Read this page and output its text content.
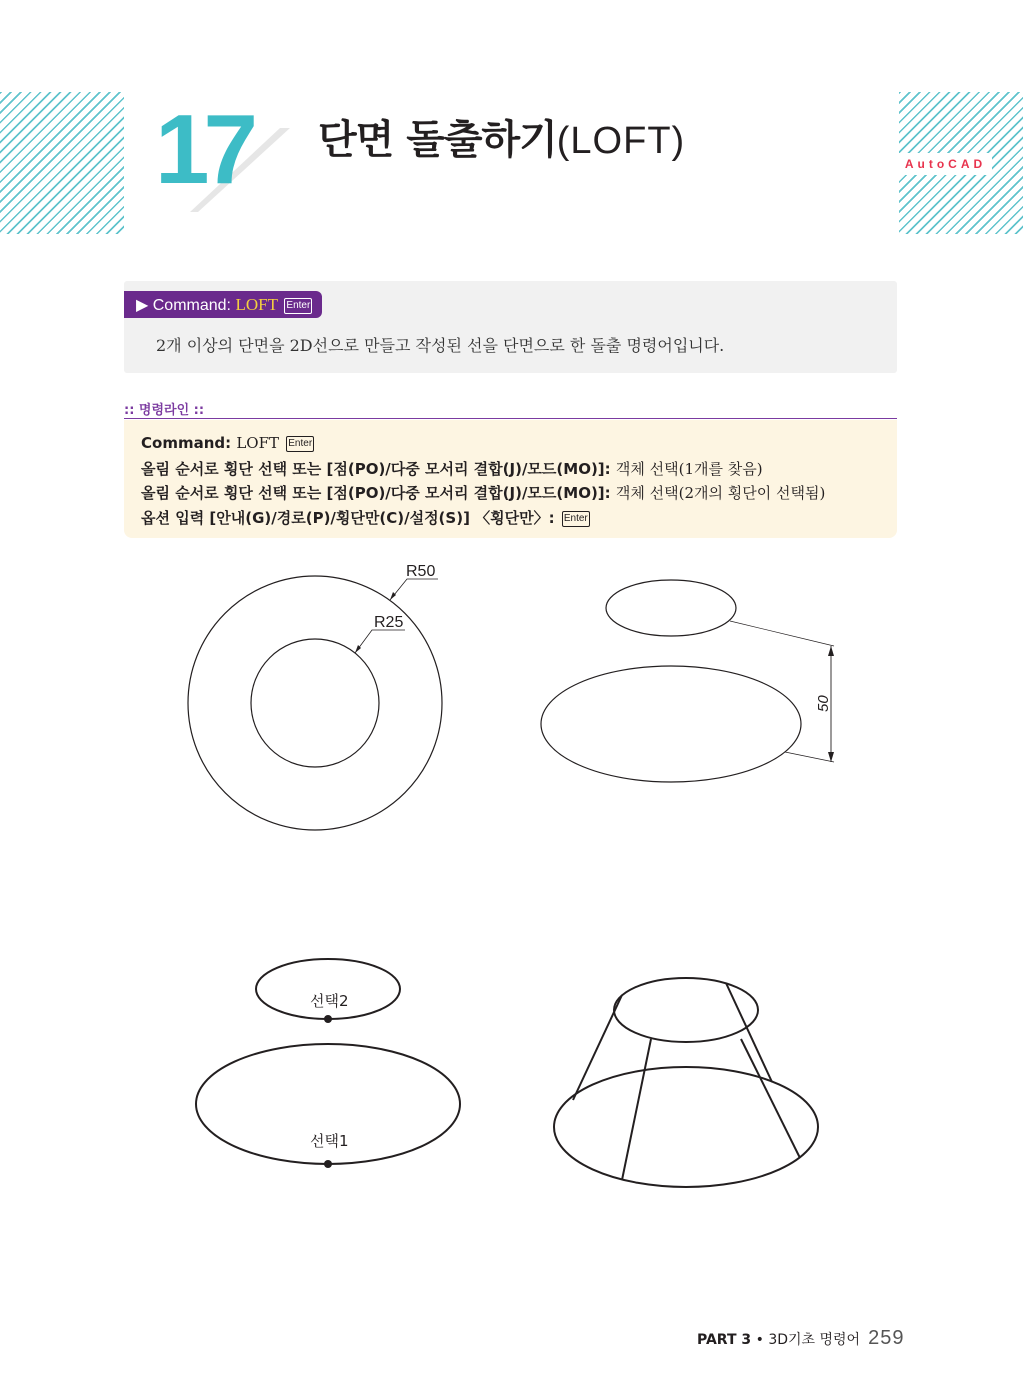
AutoCAD
17 단면 돌출하기(LOFT)
▶ Command: LOFT Enter
2개 이상의 단면을 2D선으로 만들고 작성된 선을 단면으로 한 돌출 명령어입니다.
:: 명령라인 ::
Command: LOFT Enter
올림 순서로 횡단 선택 또는 [점(PO)/다중 모서리 결합(J)/모드(MO)]: 객체 선택(1개를 찾음)
올림 순서로 횡단 선택 또는 [점(PO)/다중 모서리 결합(J)/모드(MO)]: 객체 선택(2개의 횡단이 선택됨)
옵션 입력 [안내(G)/경로(P)/횡단만(C)/설정(S)] 〈횡단만〉: Enter
R50
R25
50
선택2
선택1
PART 3 • 3D기초 명령어 259
